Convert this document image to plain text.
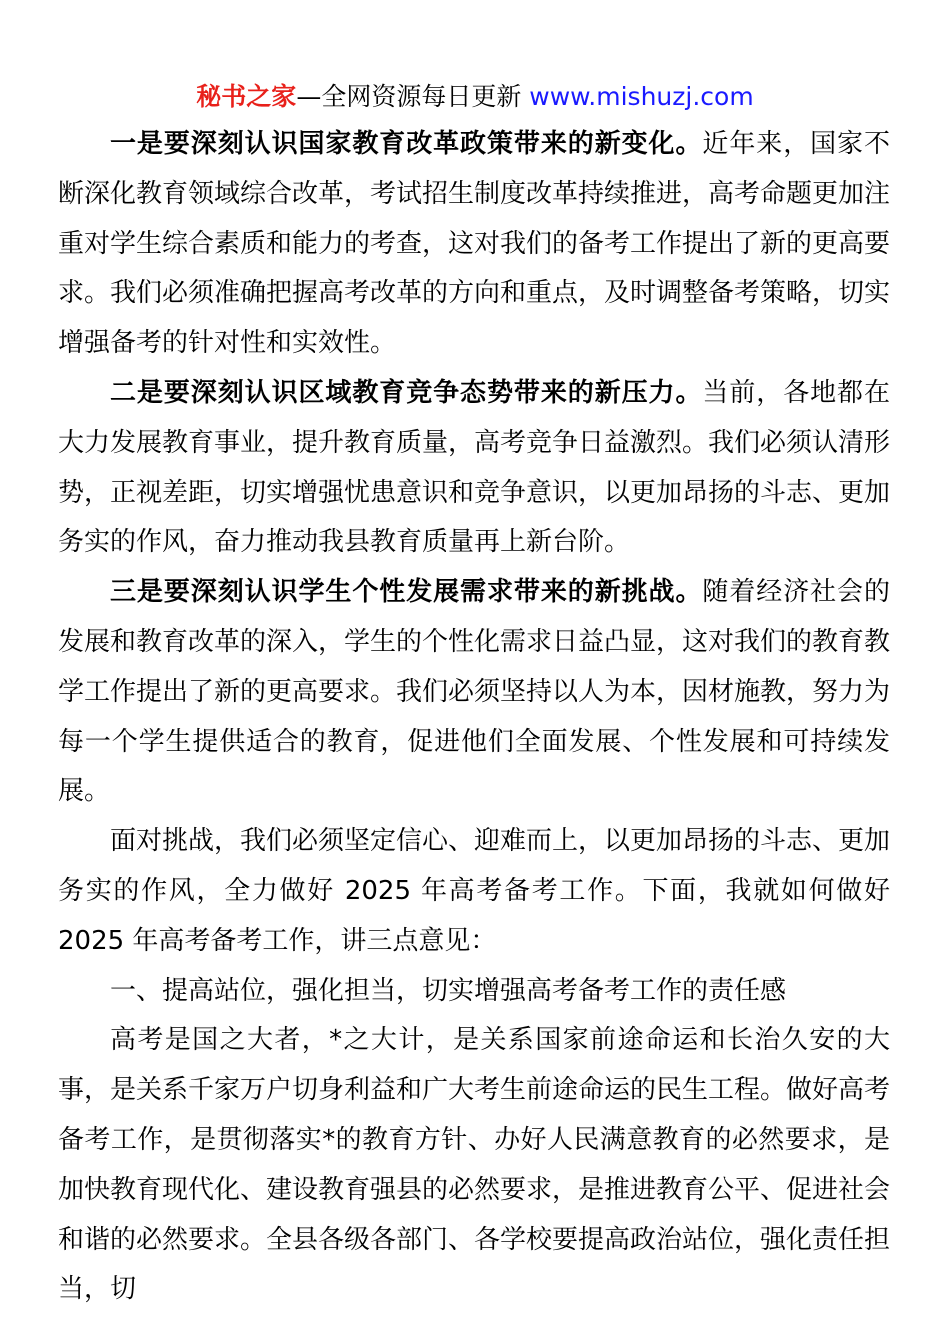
秘书之家—全网资源每日更新 www.mishuzj.com

一是要深刻认识国家教育改革政策带来的新变化。近年来，国家不断深化教育领域综合改革，考试招生制度改革持续推进，高考命题更加注重对学生综合素质和能力的考查，这对我们的备考工作提出了新的更高要求。我们必须准确把握高考改革的方向和重点，及时调整备考策略，切实增强备考的针对性和实效性。

二是要深刻认识区域教育竞争态势带来的新压力。当前，各地都在大力发展教育事业，提升教育质量，高考竞争日益激烈。我们必须认清形势，正视差距，切实增强忧患意识和竞争意识，以更加昂扬的斗志、更加务实的作风，奋力推动我县教育质量再上新台阶。

三是要深刻认识学生个性发展需求带来的新挑战。随着经济社会的发展和教育改革的深入，学生的个性化需求日益凸显，这对我们的教育教学工作提出了新的更高要求。我们必须坚持以人为本，因材施教，努力为每一个学生提供适合的教育，促进他们全面发展、个性发展和可持续发展。

面对挑战，我们必须坚定信心、迎难而上，以更加昂扬的斗志、更加务实的作风，全力做好 2025 年高考备考工作。下面，我就如何做好 2025 年高考备考工作，讲三点意见：

一、提高站位，强化担当，切实增强高考备考工作的责任感

高考是国之大者，*之大计，是关系国家前途命运和长治久安的大事，是关系千家万户切身利益和广大考生前途命运的民生工程。做好高考备考工作，是贯彻落实*的教育方针、办好人民满意教育的必然要求，是加快教育现代化、建设教育强县的必然要求，是推进教育公平、促进社会和谐的必然要求。全县各级各部门、各学校要提高政治站位，强化责任担当，切
